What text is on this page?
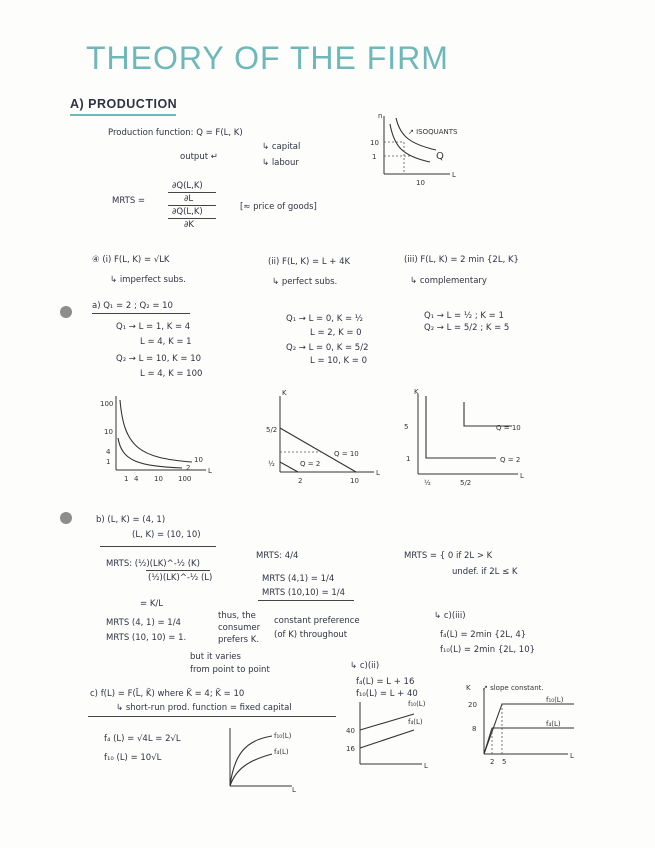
THEORY OF THE FIRM
A) PRODUCTION
Production function: Q = F(L, K)
↳ capital
↳ labour
output ↵
n
10
1
10
L
Q
↗ ISOQUANTS
MRTS =
∂Q(L,K)
∂L
∂Q(L,K)
∂K
[≈ price of goods]
④ (i) F(L, K) = √LK
↳ imperfect subs.
(ii) F(L, K) = L + 4K
↳ perfect subs.
(iii) F(L, K) = 2 min {2L, K}
↳ complementary
a) Q₁ = 2 ; Q₂ = 10
Q₁ → L = 1, K = 4
L = 4, K = 1
Q₂ → L = 10, K = 10
L = 4, K = 100
Q₁ → L = 0, K = ½
L = 2, K = 0
Q₂ → L = 0, K = 5/2
L = 10, K = 0
Q₁ → L = ½ ; K = 1
Q₂ → L = 5/2 ; K = 5
100
10
4
1
1 4 10 100
L
10
2
K
5/2
½
2	10
L
Q = 2
Q = 10
K
5
1
½	5/2
L
Q = 10
Q = 2
b) (L, K) = (4, 1)
(L, K) = (10, 10)
MRTS: (½)(LK)^-½ (K)
(½)(LK)^-½ (L)
= K/L
MRTS: 4/4
MRTS (4,1) = 1/4
MRTS (10,10) = 1/4
MRTS = { 0 if 2L > K
undef. if 2L ≤ K
MRTS (4, 1) = 1/4
MRTS (10, 10) = 1.
thus, the
consumer
prefers K.
constant preference
(of K) throughout
but it varies
from point to point
c) f(L) = F(L̄, K̄) where K̄ = 4; K̄ = 10
↳ short-run prod. function = fixed capital
f₄ (L) = √4L = 2√L
f₁₀ (L) = 10√L
f₁₀(L)
f₄(L)
L
↳ c)(ii)
f₄(L) = L + 16
f₁₀(L) = L + 40
40
16
f₁₀(L)
f₄(L)
L
↳ c)(iii)
f₄(L) = 2min {2L, 4}
f₁₀(L) = 2min {2L, 10}
K ↗ slope constant.
20
8
2 5
L
f₁₀(L)
f₄(L)
